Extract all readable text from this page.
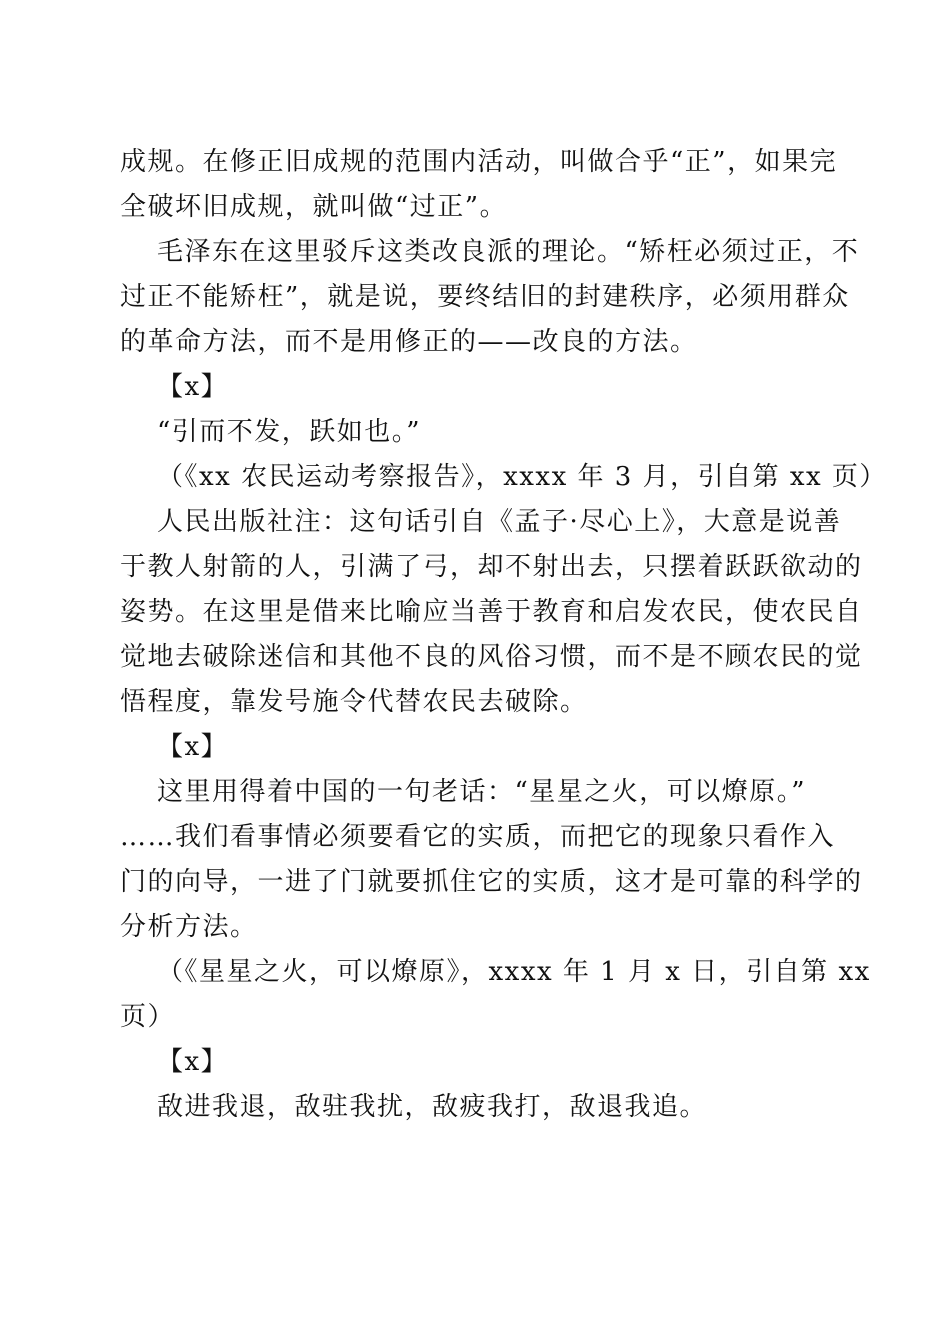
成规。在修正旧成规的范围内活动，叫做合乎“正”，如果完
全破坏旧成规，就叫做“过正”。
毛泽东在这里驳斥这类改良派的理论。“矫枉必须过正，不
过正不能矫枉”，就是说，要终结旧的封建秩序，必须用群众
的革命方法，而不是用修正的——改良的方法。
【x】
“引而不发，跃如也。”
（《xx 农民运动考察报告》，xxxx 年 3 月，引自第 xx 页）
人民出版社注：这句话引自《孟子·尽心上》，大意是说善
于教人射箭的人，引满了弓，却不射出去，只摆着跃跃欲动的
姿势。在这里是借来比喻应当善于教育和启发农民，使农民自
觉地去破除迷信和其他不良的风俗习惯，而不是不顾农民的觉
悟程度，靠发号施令代替农民去破除。
【x】
这里用得着中国的一句老话：“星星之火，可以燎原。”
……我们看事情必须要看它的实质，而把它的现象只看作入
门的向导，一进了门就要抓住它的实质，这才是可靠的科学的
分析方法。
（《星星之火，可以燎原》，xxxx 年 1 月 x 日，引自第 xx
页）
【x】
敌进我退，敌驻我扰，敌疲我打，敌退我追。
